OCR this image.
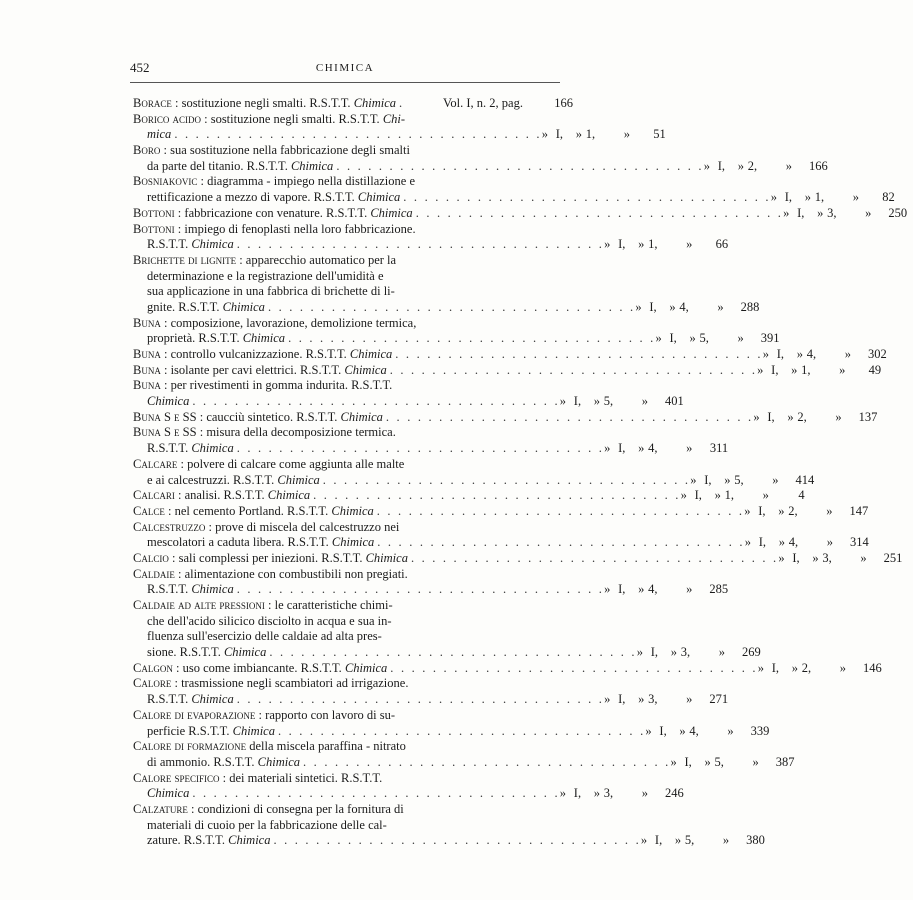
452	CHIMICA
Borace : sostituzione negli smalti. R.S.T.T. Chimica .	Vol. I, n. 2, pag.	166
Borico acido : sostituzione negli smalti. R.S.T.T. Chi-
mica . . . . . . . . . . . . . . . . . . . . . . . . . . . . . . . . . . . » I,	» 1,	»	51
Boro : sua sostituzione nella fabbricazione degli smalti
da parte del titanio. R.S.T.T. Chimica . . . . . . . . . . . . . . . . . . . . . . . . . . . . . . . . . . . » I,	» 2,	»	166
Bosniakovic : diagramma - impiego nella distillazione e
rettificazione a mezzo di vapore. R.S.T.T. Chimica . . . . . . . . . . . . . . . . . . . . . . . . . . . . . . . . . . . » I,	» 1,	»	82
Bottoni : fabbricazione con venature. R.S.T.T. Chimica . . . . . . . . . . . . . . . . . . . . . . . . . . . . . . . . . . . » I,	» 3,	»	250
Bottoni : impiego di fenoplasti nella loro fabbricazione.
R.S.T.T. Chimica . . . . . . . . . . . . . . . . . . . . . . . . . . . . . . . . . . . » I,	» 1,	»	66
Brichette di lignite : apparecchio automatico per la
determinazione e la registrazione dell'umidità e
sua applicazione in una fabbrica di brichette di li-
gnite. R.S.T.T. Chimica . . . . . . . . . . . . . . . . . . . . . . . . . . . . . . . . . . . » I,	» 4,	»	288
Buna : composizione, lavorazione, demolizione termica,
proprietà. R.S.T.T. Chimica . . . . . . . . . . . . . . . . . . . . . . . . . . . . . . . . . . . » I,	» 5,	»	391
Buna : controllo vulcanizzazione. R.S.T.T. Chimica . . . . . . . . . . . . . . . . . . . . . . . . . . . . . . . . . . . » I,	» 4,	»	302
Buna : isolante per cavi elettrici. R.S.T.T. Chimica . . . . . . . . . . . . . . . . . . . . . . . . . . . . . . . . . . . » I,	» 1,	»	49
Buna : per rivestimenti in gomma indurita. R.S.T.T.
Chimica . . . . . . . . . . . . . . . . . . . . . . . . . . . . . . . . . . . » I,	» 5,	»	401
Buna S e SS : caucciù sintetico. R.S.T.T. Chimica . . . . . . . . . . . . . . . . . . . . . . . . . . . . . . . . . . . » I,	» 2,	»	137
Buna S e SS : misura della decomposizione termica.
R.S.T.T. Chimica . . . . . . . . . . . . . . . . . . . . . . . . . . . . . . . . . . . » I,	» 4,	»	311
Calcare : polvere di calcare come aggiunta alle malte
e ai calcestruzzi. R.S.T.T. Chimica . . . . . . . . . . . . . . . . . . . . . . . . . . . . . . . . . . . » I,	» 5,	»	414
Calcari : analisi. R.S.T.T. Chimica . . . . . . . . . . . . . . . . . . . . . . . . . . . . . . . . . . . » I,	» 1,	»	4
Calce : nel cemento Portland. R.S.T.T. Chimica . . . . . . . . . . . . . . . . . . . . . . . . . . . . . . . . . . . » I,	» 2,	»	147
Calcestruzzo : prove di miscela del calcestruzzo nei
mescolatori a caduta libera. R.S.T.T. Chimica . . . . . . . . . . . . . . . . . . . . . . . . . . . . . . . . . . . » I,	» 4,	»	314
Calcio : sali complessi per iniezioni. R.S.T.T. Chimica . . . . . . . . . . . . . . . . . . . . . . . . . . . . . . . . . . . » I,	» 3,	»	251
Caldaie : alimentazione con combustibili non pregiati.
R.S.T.T. Chimica . . . . . . . . . . . . . . . . . . . . . . . . . . . . . . . . . . . » I,	» 4,	»	285
Caldaie ad alte pressioni : le caratteristiche chimi-
che dell'acido silicico disciolto in acqua e sua in-
fluenza sull'esercizio delle caldaie ad alta pres-
sione. R.S.T.T. Chimica . . . . . . . . . . . . . . . . . . . . . . . . . . . . . . . . . . . » I,	» 3,	»	269
Calgon : uso come imbiancante. R.S.T.T. Chimica . . . . . . . . . . . . . . . . . . . . . . . . . . . . . . . . . . . » I,	» 2,	»	146
Calore : trasmissione negli scambiatori ad irrigazione.
R.S.T.T. Chimica . . . . . . . . . . . . . . . . . . . . . . . . . . . . . . . . . . . » I,	» 3,	»	271
Calore di evaporazione : rapporto con lavoro di su-
perficie R.S.T.T. Chimica . . . . . . . . . . . . . . . . . . . . . . . . . . . . . . . . . . . » I,	» 4,	»	339
Calore di formazione della miscela paraffina - nitrato
di ammonio. R.S.T.T. Chimica . . . . . . . . . . . . . . . . . . . . . . . . . . . . . . . . . . . » I,	» 5,	»	387
Calore specifico : dei materiali sintetici. R.S.T.T.
Chimica . . . . . . . . . . . . . . . . . . . . . . . . . . . . . . . . . . . » I,	» 3,	»	246
Calzature : condizioni di consegna per la fornitura di
materiali di cuoio per la fabbricazione delle cal-
zature. R.S.T.T. Chimica . . . . . . . . . . . . . . . . . . . . . . . . . . . . . . . . . . . » I,	» 5,	»	380
